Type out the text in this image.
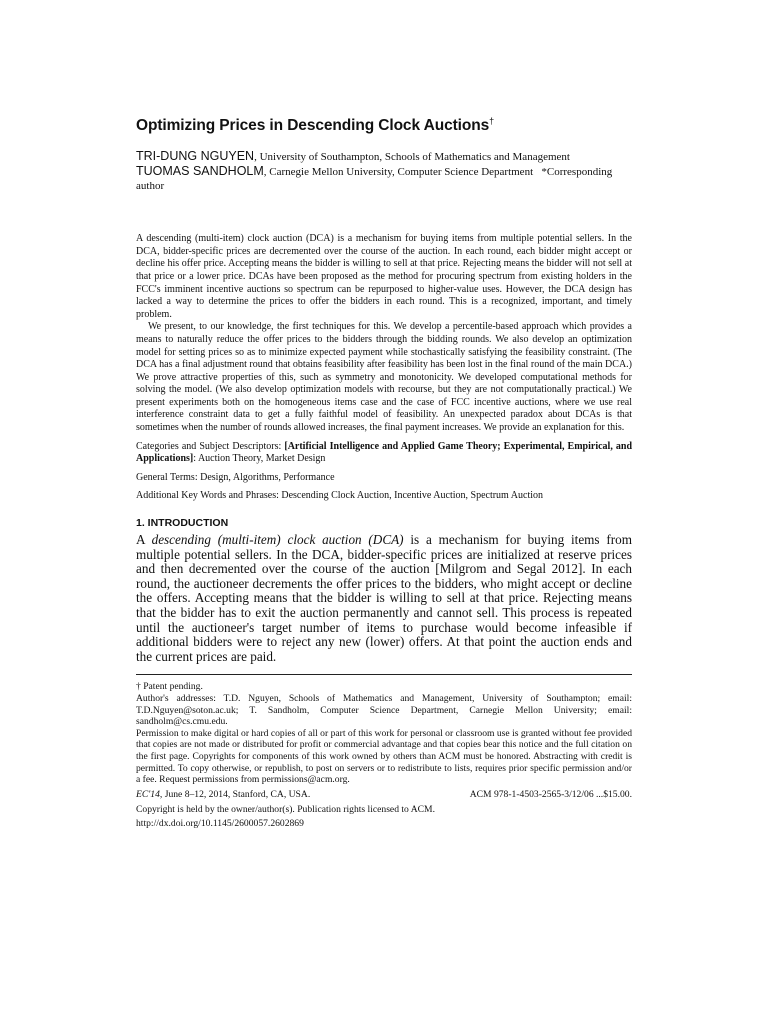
Optimizing Prices in Descending Clock Auctions†
TRI-DUNG NGUYEN, University of Southampton, Schools of Mathematics and Management
TUOMAS SANDHOLM, Carnegie Mellon University, Computer Science Department *Corresponding author

A descending (multi-item) clock auction (DCA) is a mechanism for buying items from multiple potential sellers. In the DCA, bidder-specific prices are decremented over the course of the auction. In each round, each bidder might accept or decline his offer price. Accepting means the bidder is willing to sell at that price. Rejecting means the bidder will not sell at that price or a lower price. DCAs have been proposed as the method for procuring spectrum from existing holders in the FCC's imminent incentive auctions so spectrum can be repurposed to higher-value uses. However, the DCA design has lacked a way to determine the prices to offer the bidders in each round. This is a recognized, important, and timely problem.

We present, to our knowledge, the first techniques for this. We develop a percentile-based approach which provides a means to naturally reduce the offer prices to the bidders through the bidding rounds. We also develop an optimization model for setting prices so as to minimize expected payment while stochastically satisfying the feasibility constraint. (The DCA has a final adjustment round that obtains feasibility after feasibility has been lost in the final round of the main DCA.) We prove attractive properties of this, such as symmetry and monotonicity. We developed computational methods for solving the model. (We also develop optimization models with recourse, but they are not computationally practical.) We present experiments both on the homogeneous items case and the case of FCC incentive auctions, where we use real interference constraint data to get a fully faithful model of feasibility. An unexpected paradox about DCAs is that sometimes when the number of rounds allowed increases, the final payment increases. We provide an explanation for this.

Categories and Subject Descriptors: [Artificial Intelligence and Applied Game Theory; Experimental, Empirical, and Applications]: Auction Theory, Market Design

General Terms: Design, Algorithms, Performance

Additional Key Words and Phrases: Descending Clock Auction, Incentive Auction, Spectrum Auction

1. INTRODUCTION

A descending (multi-item) clock auction (DCA) is a mechanism for buying items from multiple potential sellers. In the DCA, bidder-specific prices are initialized at reserve prices and then decremented over the course of the auction [Milgrom and Segal 2012]. In each round, the auctioneer decrements the offer prices to the bidders, who might accept or decline the offers. Accepting means that the bidder is willing to sell at that price. Rejecting means that the bidder has to exit the auction permanently and cannot sell. This process is repeated until the auctioneer's target number of items to purchase would become infeasible if additional bidders were to reject any new (lower) offers. At that point the auction ends and the current prices are paid.

† Patent pending.

Author's addresses: T.D. Nguyen, Schools of Mathematics and Management, University of Southampton; email: T.D.Nguyen@soton.ac.uk; T. Sandholm, Computer Science Department, Carnegie Mellon University; email: sandholm@cs.cmu.edu.

Permission to make digital or hard copies of all or part of this work for personal or classroom use is granted without fee provided that copies are not made or distributed for profit or commercial advantage and that copies bear this notice and the full citation on the first page. Copyrights for components of this work owned by others than ACM must be honored. Abstracting with credit is permitted. To copy otherwise, or republish, to post on servers or to redistribute to lists, requires prior specific permission and/or a fee. Request permissions from permissions@acm.org.

EC'14, June 8–12, 2014, Stanford, CA, USA.	ACM 978-1-4503-2565-3/12/06 ...$15.00.

Copyright is held by the owner/author(s). Publication rights licensed to ACM.

http://dx.doi.org/10.1145/2600057.2602869
